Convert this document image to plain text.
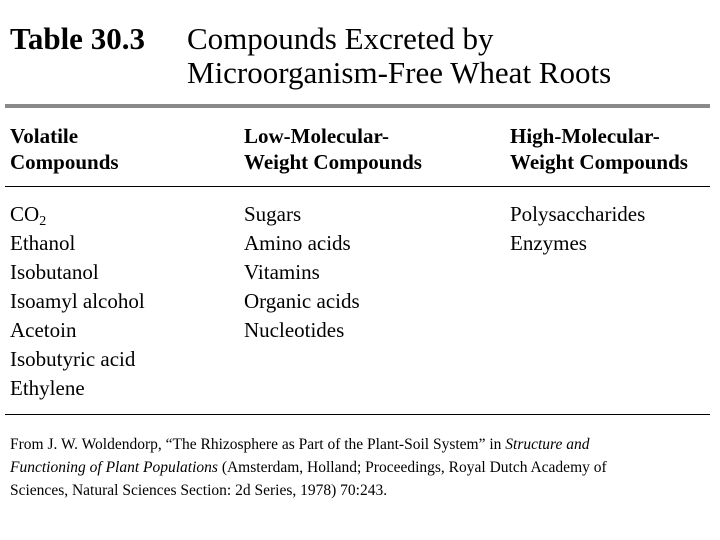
Table 30.3 Compounds Excreted by
Microorganism-Free Wheat Roots
Volatile
Compounds
Low-Molecular-
Weight Compounds
High-Molecular-
Weight Compounds
$CO_2$
Ethanol
Isobutanol
Isoamyl alcohol
Acetoin
Isobutyric acid
Ethylene
Sugars
Amino acids
Vitamins
Organic acids
Nucleotides
Polysaccharides
Enzymes
From J. W. Woldendorp, “The Rhizosphere as Part of the Plant-Soil System” in Structure and
Functioning of Plant Populations (Amsterdam, Holland; Proceedings, Royal Dutch Academy of
Sciences, Natural Sciences Section: 2d Series, 1978) 70:243.
